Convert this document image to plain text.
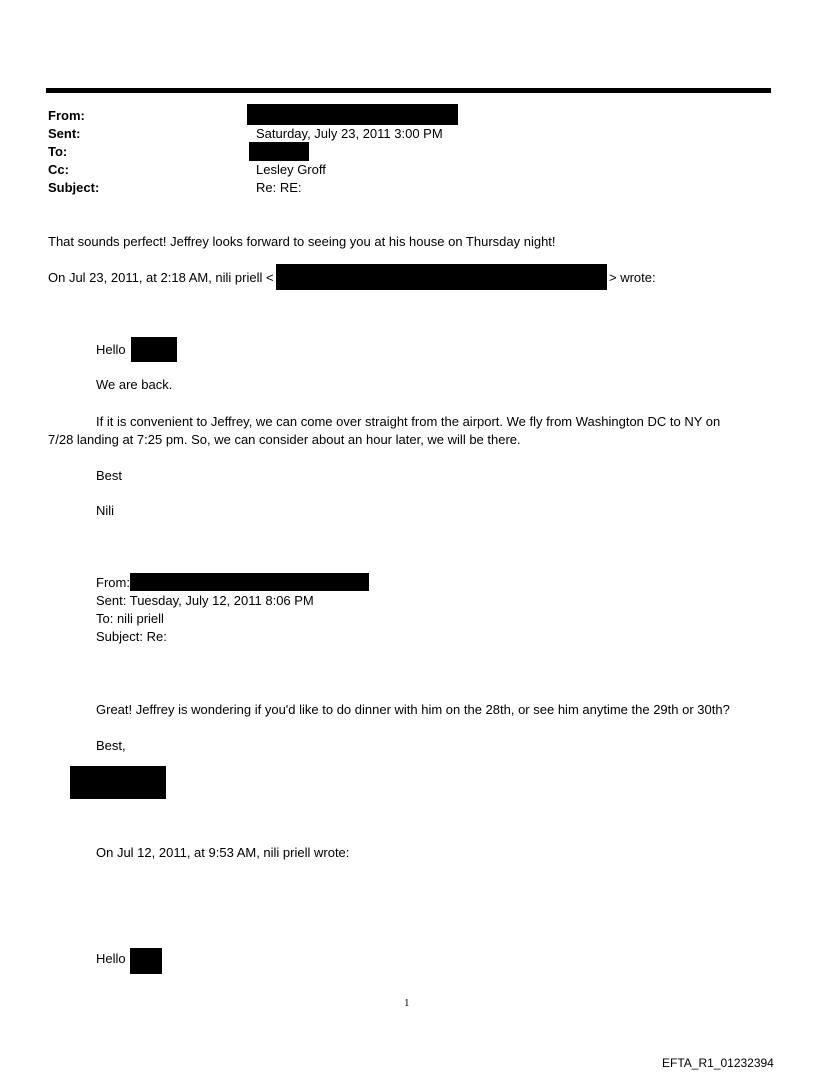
From:
Sent:	Saturday, July 23, 2011 3:00 PM
To:
Cc:	Lesley Groff
Subject:	Re: RE:
That sounds perfect! Jeffrey looks forward to seeing you at his house on Thursday night!
On Jul 23, 2011, at 2:18 AM, nili priell <	> wrote:
Hello
We are back.
If it is convenient to Jeffrey, we can come over straight from the airport. We fly from Washington DC to NY on
7/28 landing at 7:25 pm. So, we can consider about an hour later, we will be there.
Best
Nili
From:
Sent: Tuesday, July 12, 2011 8:06 PM
To: nili priell
Subject: Re:
Great! Jeffrey is wondering if you'd like to do dinner with him on the 28th, or see him anytime the 29th or 30th?
Best,
On Jul 12, 2011, at 9:53 AM, nili priell wrote:
Hello
1
EFTA_R1_01232394
